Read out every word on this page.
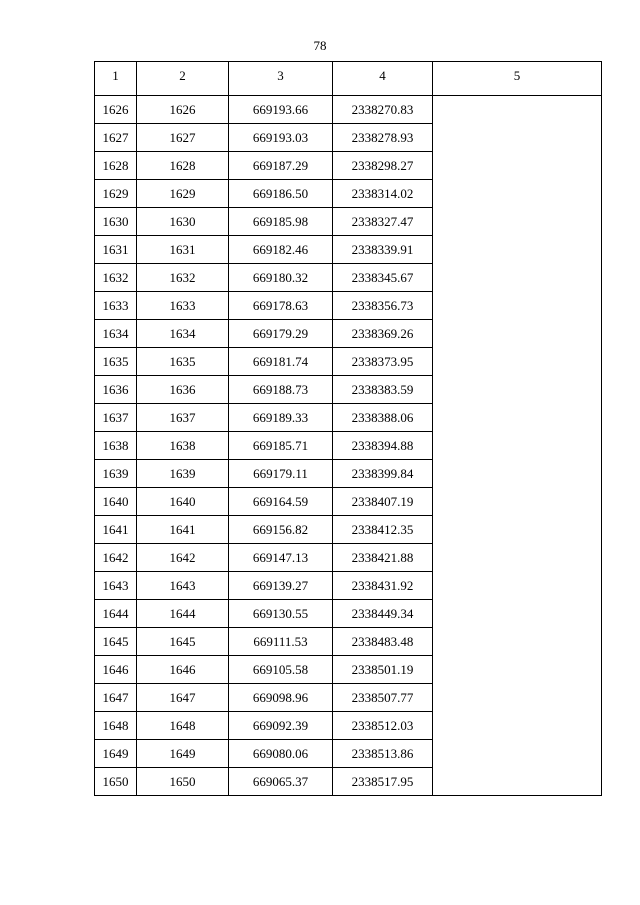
78
1	2	3	4	5
1626	1626	669193.66	2338270.83	
1627	1627	669193.03	2338278.93	
1628	1628	669187.29	2338298.27	
1629	1629	669186.50	2338314.02	
1630	1630	669185.98	2338327.47	
1631	1631	669182.46	2338339.91	
1632	1632	669180.32	2338345.67	
1633	1633	669178.63	2338356.73	
1634	1634	669179.29	2338369.26	
1635	1635	669181.74	2338373.95	
1636	1636	669188.73	2338383.59	
1637	1637	669189.33	2338388.06	
1638	1638	669185.71	2338394.88	
1639	1639	669179.11	2338399.84	
1640	1640	669164.59	2338407.19	
1641	1641	669156.82	2338412.35	
1642	1642	669147.13	2338421.88	
1643	1643	669139.27	2338431.92	
1644	1644	669130.55	2338449.34	
1645	1645	669111.53	2338483.48	
1646	1646	669105.58	2338501.19	
1647	1647	669098.96	2338507.77	
1648	1648	669092.39	2338512.03	
1649	1649	669080.06	2338513.86	
1650	1650	669065.37	2338517.95	
